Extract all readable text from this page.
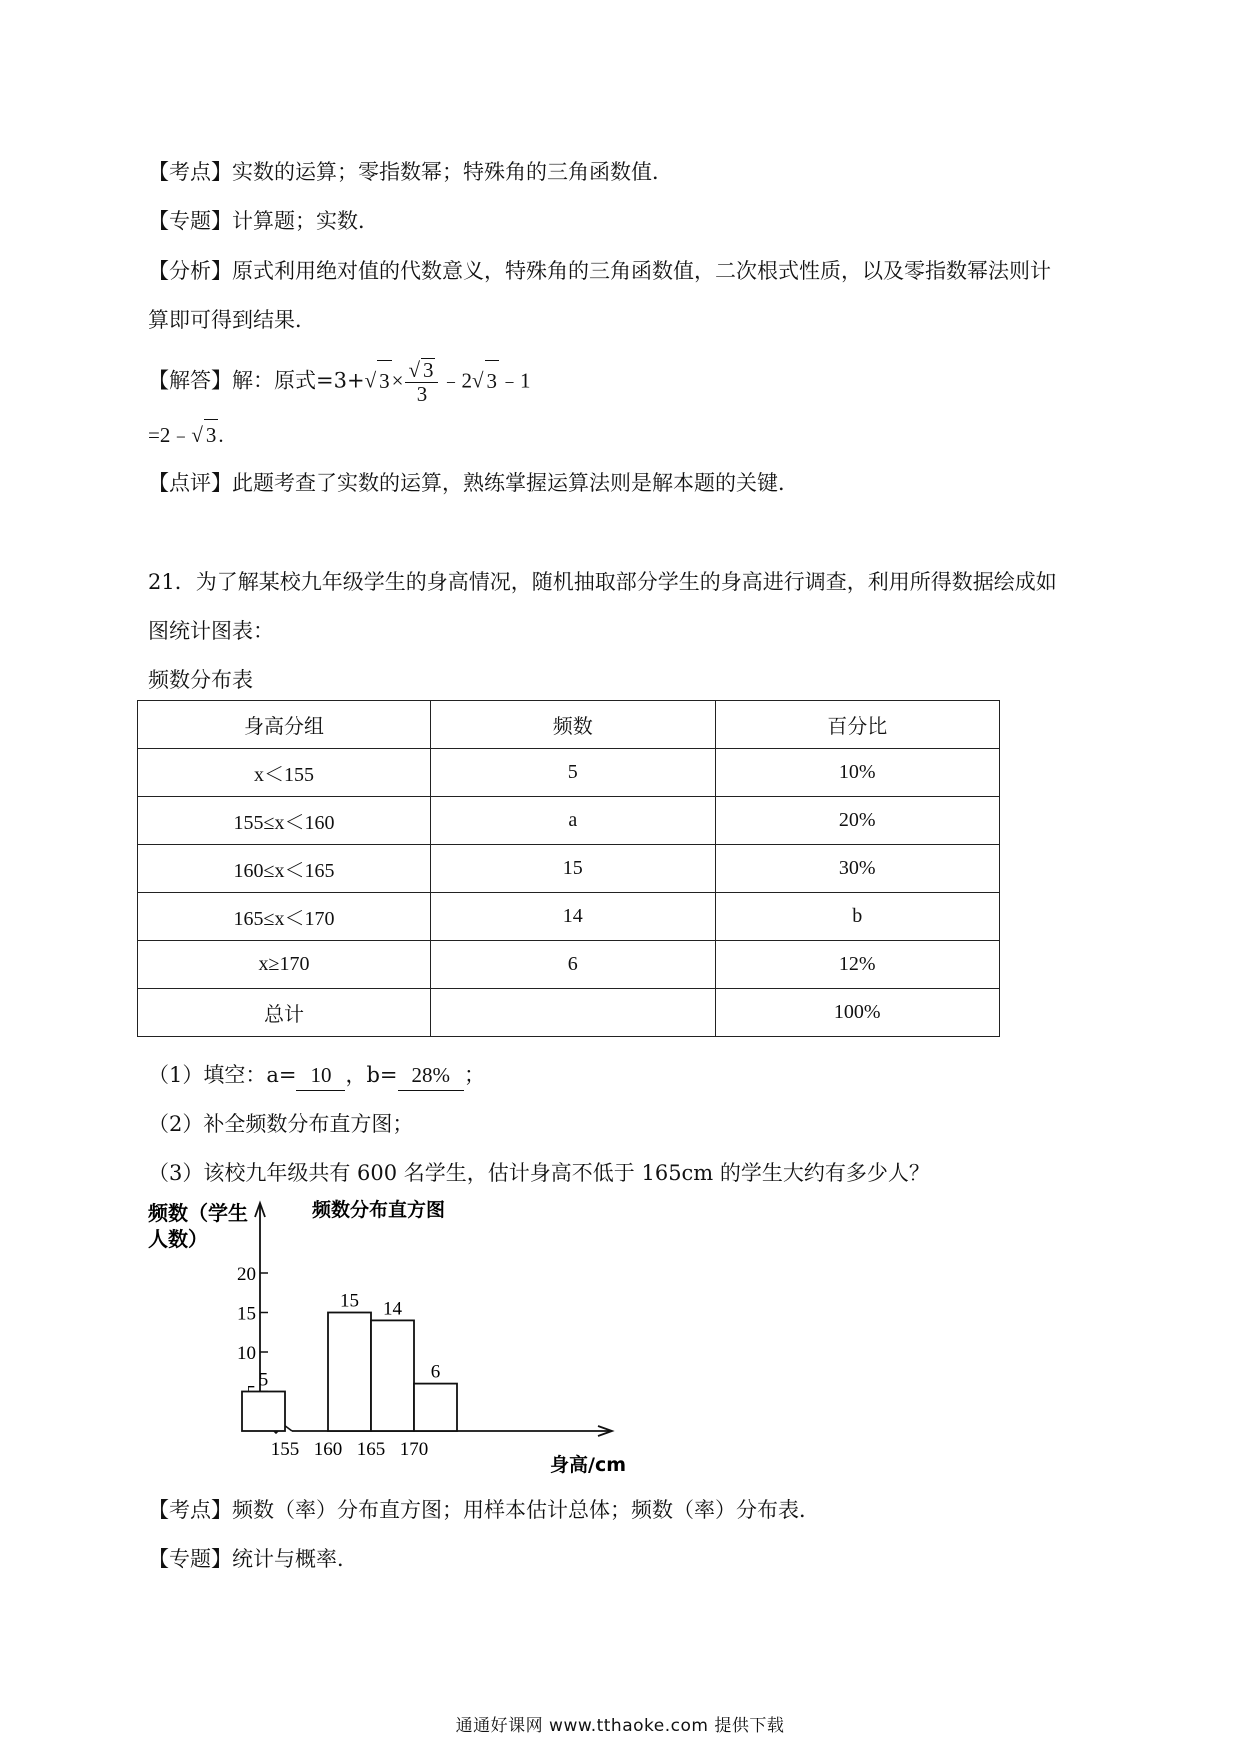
【考点】实数的运算；零指数幂；特殊角的三角函数值．
【专题】计算题；实数．
【分析】原式利用绝对值的代数意义，特殊角的三角函数值，二次根式性质，以及零指数幂法则计
算即可得到结果．
【解答】解：原式=3+√ $3\times \frac{√ 3}{3}$ ﹣2√ 3﹣1
=2﹣√ 3.
【点评】此题考查了实数的运算，熟练掌握运算法则是解本题的关键．
21．为了解某校九年级学生的身高情况，随机抽取部分学生的身高进行调查，利用所得数据绘成如
图统计图表：
频数分布表
身高分组	频数	百分比
x＜155	5	10%
155≤x＜160	a	20%
160≤x＜165	15	30%
165≤x＜170	14	b
x≥170	6	12%
总计		100%
（1）填空：a= 10 ，b= 28% ；
（2）补全频数分布直方图；
（3）该校九年级共有 600 名学生，估计身高不低于 165cm 的学生大约有多少人？
频数（学生
人数）
频数分布直方图
身高/cm
10
15
20
155 160 165 170
5
15 14
6
【考点】频数（率）分布直方图；用样本估计总体；频数（率）分布表．
【专题】统计与概率．
通通好课网 www.tthaoke.com 提供下载
